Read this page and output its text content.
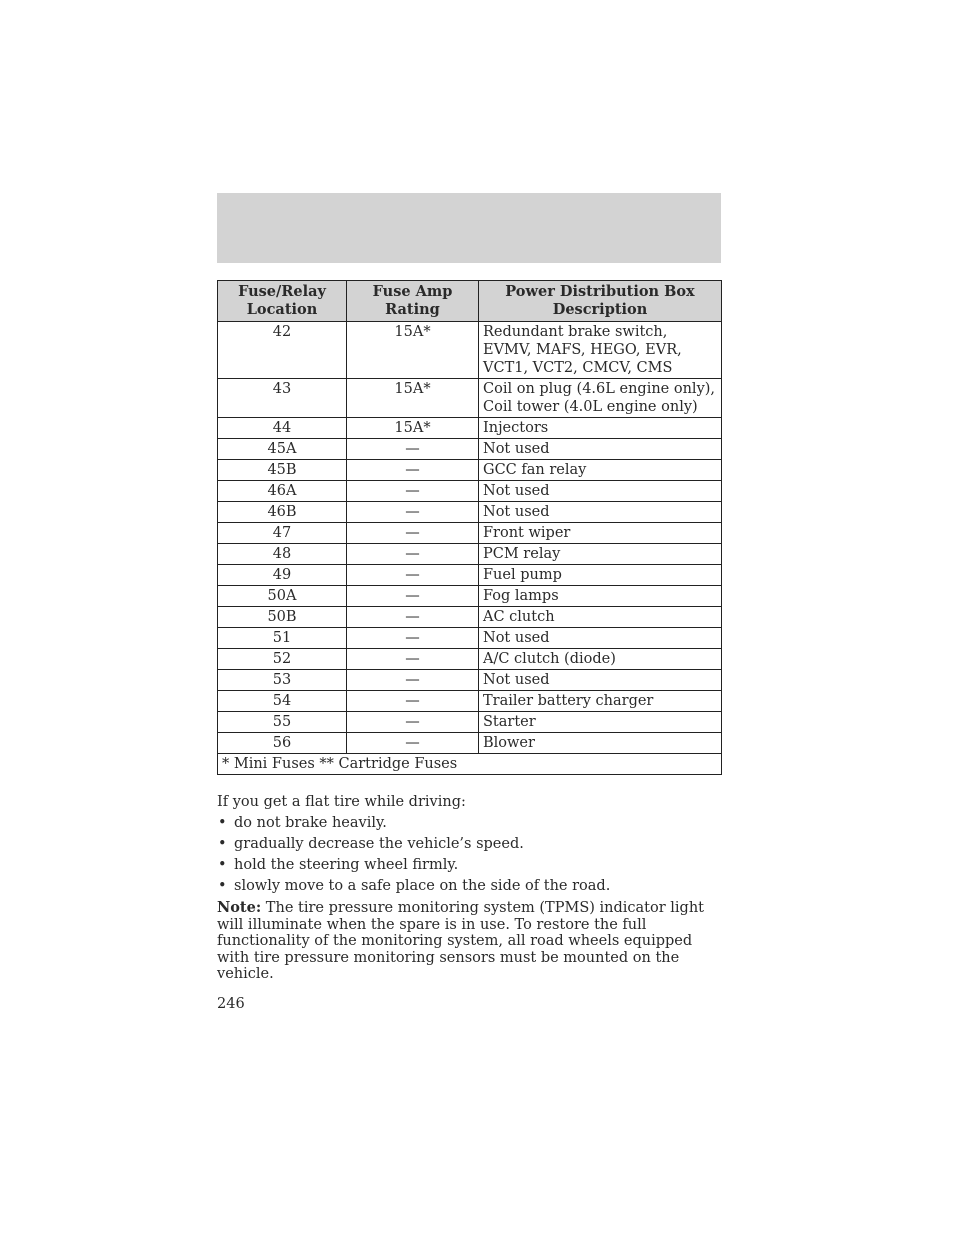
Fuse/Relay Location	Fuse Amp Rating	Power Distribution Box Description
42	15A*	Redundant brake switch, EVMV, MAFS, HEGO, EVR, VCT1, VCT2, CMCV, CMS
43	15A*	Coil on plug (4.6L engine only), Coil tower (4.0L engine only)
44	15A*	Injectors
45A	—	Not used
45B	—	GCC fan relay
46A	—	Not used
46B	—	Not used
47	—	Front wiper
48	—	PCM relay
49	—	Fuel pump
50A	—	Fog lamps
50B	—	AC clutch
51	—	Not used
52	—	A/C clutch (diode)
53	—	Not used
54	—	Trailer battery charger
55	—	Starter
56	—	Blower
* Mini Fuses ** Cartridge Fuses		

If you get a flat tire while driving:

• do not brake heavily.
• gradually decrease the vehicle’s speed.
• hold the steering wheel firmly.
• slowly move to a safe place on the side of the road.

Note: The tire pressure monitoring system (TPMS) indicator light will illuminate when the spare is in use. To restore the full functionality of the monitoring system, all road wheels equipped with tire pressure monitoring sensors must be mounted on the vehicle.

246
